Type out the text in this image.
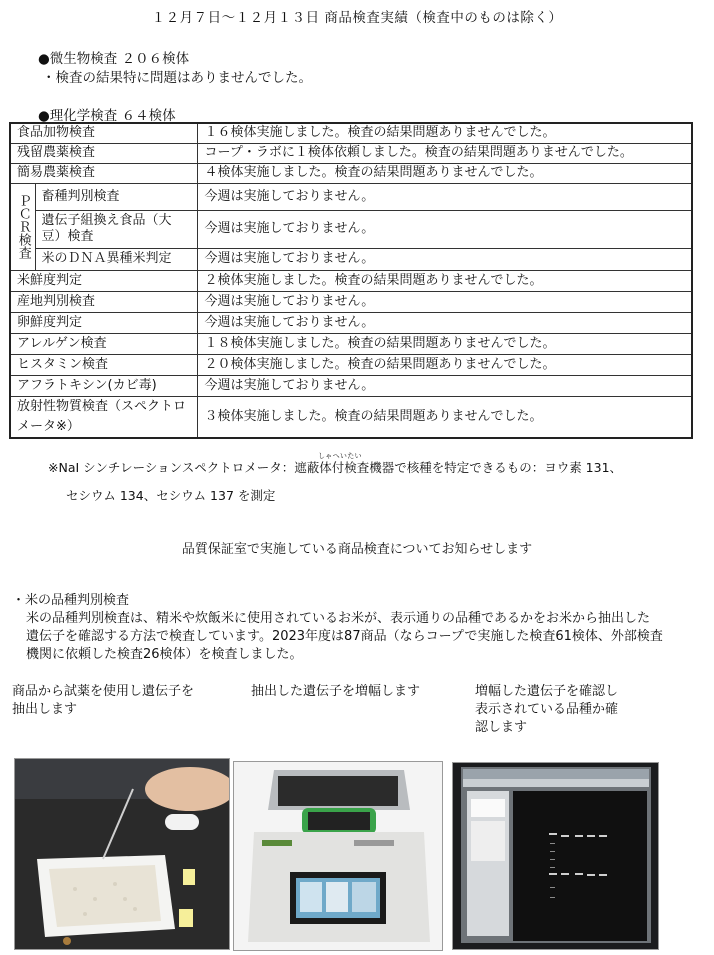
１２月７日～１２月１３日 商品検査実績（検査中のものは除く）
●微生物検査 ２０６検体
・検査の結果特に問題はありませんでした。
●理化学検査 ６４検体
食品加物検査		１６検体実施しました。検査の結果問題ありませんでした。
残留農薬検査		コープ・ラボに１検体依頼しました。検査の結果問題ありませんでした。
簡易農薬検査		４検体実施しました。検査の結果問題ありませんでした。

ＰＣＲ検査	畜種判別検査	今週は実施しておりません。
	遺伝子組換え食品（大豆）検査	今週は実施しておりません。
	米のＤＮＡ異種米判定	今週は実施しておりません。
米鮮度判定		２検体実施しました。検査の結果問題ありませんでした。
産地判別検査		今週は実施しておりません。
卵鮮度判定		今週は実施しておりません。
アレルゲン検査		１８検体実施しました。検査の結果問題ありませんでした。
ヒスタミン検査		２０検体実施しました。検査の結果問題ありませんでした。
アフラトキシン(カビ毒)		今週は実施しておりません。
放射性物質検査（スペクトロメータ※）		３検体実施しました。検査の結果問題ありませんでした。
しゃへいたい
※NaI シンチレーションスペクトロメータ：遮蔽体付検査機器で核種を特定できるもの：ヨウ素 131、
セシウム 134、セシウム 137 を測定
品質保証室で実施している商品検査についてお知らせします
・米の品種判別検査
米の品種判別検査は、精米や炊飯米に使用されているお米が、表示通りの品種であるかをお米から抽出した
遺伝子を確認する方法で検査しています。2023年度は87商品（ならコープで実施した検査61検体、外部検査
機関に依頼した検査26検体）を検査しました。
商品から試薬を使用し遺伝子を
抽出します
抽出した遺伝子を増幅します	増幅した遺伝子を確認し
表示されている品種か確
認します
